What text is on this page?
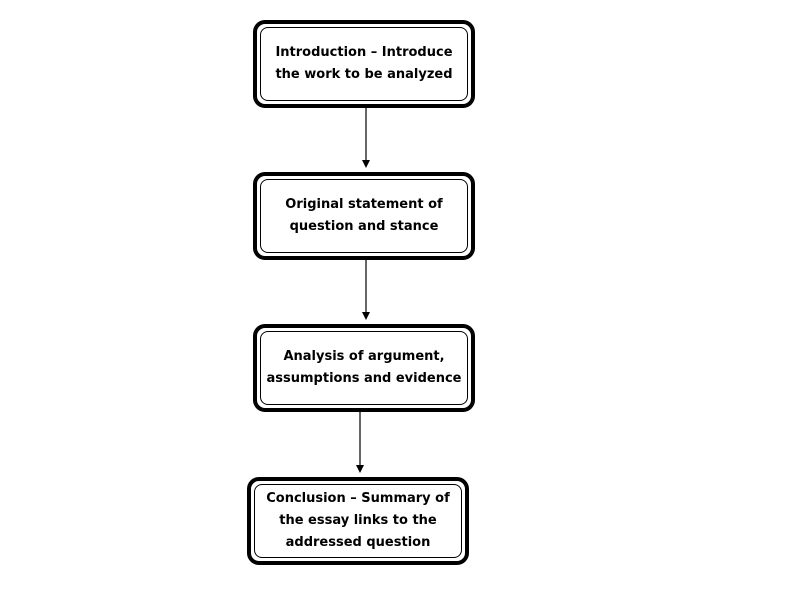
Introduction – Introduce
the work to be analyzed
Original statement of
question and stance
Analysis of argument,
assumptions and evidence
Conclusion – Summary of
the essay links to the
addressed question
